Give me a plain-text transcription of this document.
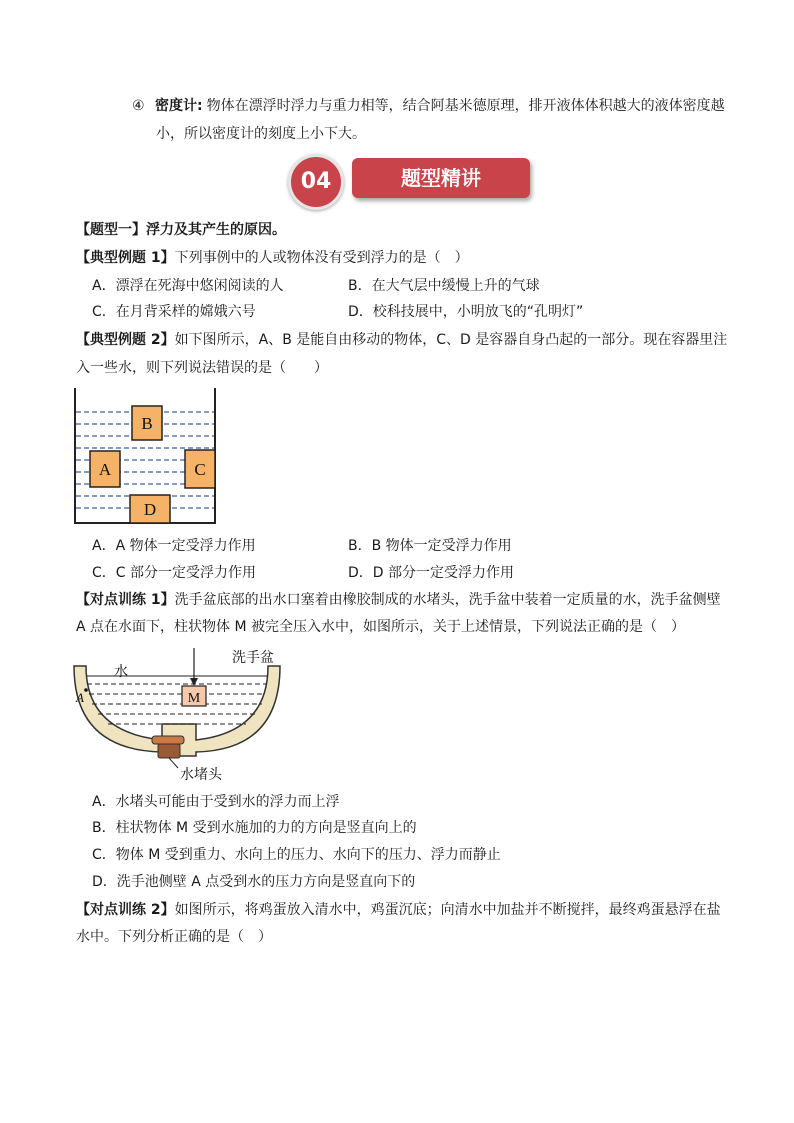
④ 密度计: 物体在漂浮时浮力与重力相等，结合阿基米德原理，排开液体体积越大的液体密度越
小，所以密度计的刻度上小下大。
04	题型精讲
【题型一】浮力及其产生的原因。
【典型例题 1】下列事例中的人或物体没有受到浮力的是（　）
A．漂浮在死海中悠闲阅读的人	B．在大气层中缓慢上升的气球
C．在月背采样的嫦娥六号	D．校科技展中，小明放飞的“孔明灯”
【典型例题 2】如下图所示，A、B 是能自由移动的物体，C、D 是容器自身凸起的一部分。现在容器里注
入一些水，则下列说法错误的是（　　）
B
A	C
D
A．A 物体一定受浮力作用	B．B 物体一定受浮力作用
C．C 部分一定受浮力作用	D．D 部分一定受浮力作用
【对点训练 1】洗手盆底部的出水口塞着由橡胶制成的水堵头，洗手盆中装着一定质量的水，洗手盆侧壁
A 点在水面下，柱状物体 M 被完全压入水中，如图所示，关于上述情景，下列说法正确的是（　）
M
洗手盆
水
A
水堵头
A．水堵头可能由于受到水的浮力而上浮
B．柱状物体 M 受到水施加的力的方向是竖直向上的
C．物体 M 受到重力、水向上的压力、水向下的压力、浮力而静止
D．洗手池侧壁 A 点受到水的压力方向是竖直向下的
【对点训练 2】如图所示，将鸡蛋放入清水中，鸡蛋沉底；向清水中加盐并不断搅拌，最终鸡蛋悬浮在盐
水中。下列分析正确的是（　）
